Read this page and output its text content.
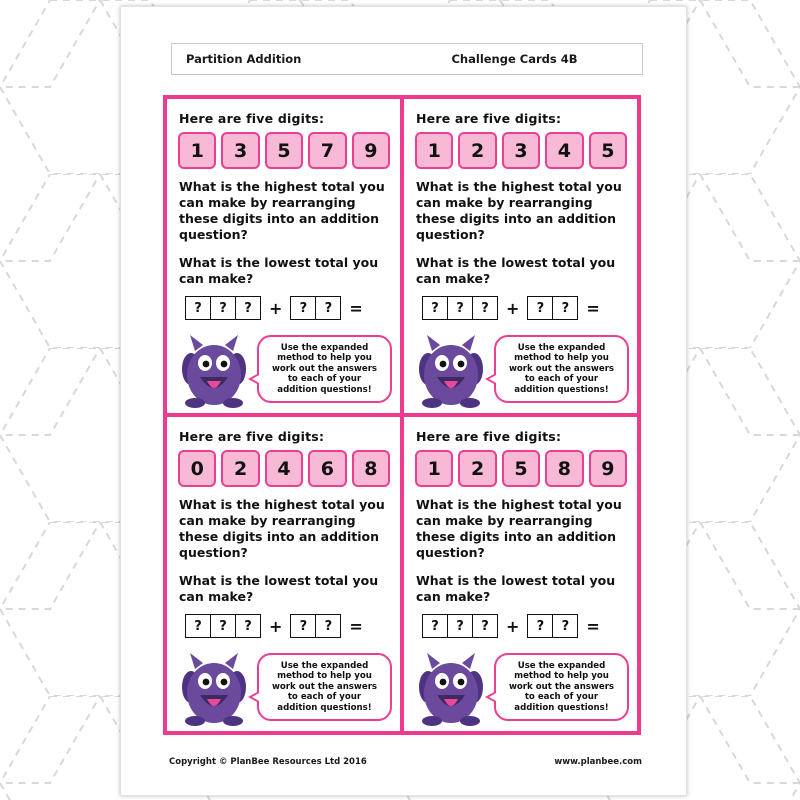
Partition Addition	Challenge Cards 4B
Here are five digits:
1	3	5	7	9
What is the highest total you can make by rearranging these digits into an addition question?
What is the lowest total you can make?
?	?	?	+	?	?	=
Use the expanded method to help you work out the answers to each of your addition questions!
Here are five digits:
1	2	3	4	5
What is the highest total you can make by rearranging these digits into an addition question?
What is the lowest total you can make?
?	?	?	+	?	?	=
Use the expanded method to help you work out the answers to each of your addition questions!
Here are five digits:
0	2	4	6	8
What is the highest total you can make by rearranging these digits into an addition question?
What is the lowest total you can make?
?	?	?	+	?	?	=
Use the expanded method to help you work out the answers to each of your addition questions!
Here are five digits:
1	2	5	8	9
What is the highest total you can make by rearranging these digits into an addition question?
What is the lowest total you can make?
?	?	?	+	?	?	=
Use the expanded method to help you work out the answers to each of your addition questions!
Copyright © PlanBee Resources Ltd 2016	www.planbee.com
